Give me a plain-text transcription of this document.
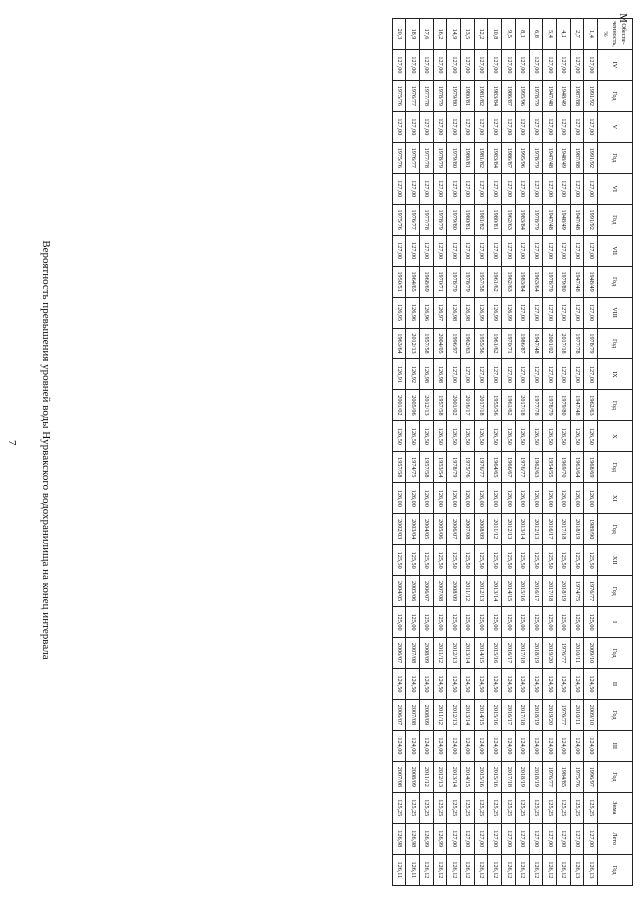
7
M
Вероятность превышения уровней воды Нурвакского водохранилища на конец интервала
Обеспе-ченность, %	IV	Год	V	Год	VI	Год	VII	Год	VIII	Год	IX	Год	X	Год	XI	Год	XII	Год	I	Год	II	Год	III	Год	Зима	Лето	Год
1,4	127,00	1991/92	127,00	1991/92	127,00	1991/92	127,00	1948/49	127,00	1978/79	127,00	1962/63	126,50	1968/69	126,00	1989/90	125,50	1976/77	125,00	2009/10	124,50	2009/10	124,00	1996/97	125,25	127,00	126,13
2,7	127,00	1987/88	127,00	1987/88	127,00	1947/48	127,00	1947/48	127,00	1977/78	127,00	1947/48	126,50	1963/64	126,00	2018/19	125,50	1974/75	125,00	2010/11	124,50	2010/11	124,00	1975/76	125,25	127,00	126,13
4,1	127,00	1948/49	127,00	1948/49	127,00	1948/49	127,00	1979/80	127,00	2017/18	127,00	1979/80	126,50	1969/70	126,00	2017/18	125,50	2018/19	125,00	1976/77	124,50	1976/77	124,00	1984/85	125,25	127,00	126,12
5,4	127,00	1947/48	127,00	1947/48	127,00	1947/48	127,00	1978/79	127,00	2001/02	127,00	1978/79	126,50	1954/55	126,00	2016/17	125,50	2017/18	125,00	2019/20	124,50	2019/20	124,00	1976/77	125,25	127,00	126,12
6,8	127,00	1978/79	127,00	1978/79	127,00	1978/79	127,00	1963/64	127,00	1947/48	127,00	1977/78	126,50	1962/63	126,00	2012/13	125,50	2016/17	125,00	2018/19	124,50	2018/19	124,00	2018/19	125,25	127,00	126,12
8,1	127,00	1995/96	127,00	1995/96	127,00	1983/84	127,00	1983/84	127,00	1986/87	127,00	2017/18	126,50	1976/77	126,00	2013/14	125,50	2015/16	125,00	2017/18	124,50	2017/18	124,00	2018/19	125,25	127,00	126,12
9,5	127,00	1986/87	127,00	1986/87	127,00	1962/63	127,00	1962/63	126,99	1970/71	127,00	1961/62	126,50	1966/67	126,00	2012/13	125,50	2014/15	125,00	2016/17	124,50	2016/17	124,00	2017/18	125,25	127,00	126,12
10,8	127,00	1983/84	127,00	1983/84	127,00	1980/81	127,00	1961/62	126,99	1961/62	127,00	1955/56	126,50	1964/65	126,00	2011/12	125,50	2013/14	125,00	2015/16	124,50	2015/16	124,00	2015/16	125,25	127,00	126,12
12,2	127,00	1981/82	127,00	1981/82	127,00	1981/82	127,00	1957/58	126,99	1955/56	127,00	2017/18	126,50	1976/77	126,00	2008/09	125,50	2012/13	125,00	2014/15	124,50	2014/15	124,00	2015/16	125,25	127,00	126,12
13,5	127,00	1980/81	127,00	1980/81	127,00	1980/81	127,00	1978/79	126,98	1962/63	127,00	2016/17	126,50	1975/76	126,00	2007/08	125,50	2011/12	125,00	2013/14	124,50	2013/14	124,00	2014/15	125,25	127,00	126,12
14,9	127,00	1979/80	127,00	1979/80	127,00	1979/80	127,00	1978/79	126,98	1996/97	127,00	2001/02	126,50	1978/79	126,00	2006/07	125,50	2008/09	125,00	2012/13	124,50	2012/13	124,00	2013/14	125,25	127,00	126,12
16,2	127,00	1978/79	127,00	1978/79	127,00	1978/79	127,00	1970/71	126,97	2004/05	126,98	1957/58	126,50	1953/54	126,00	2005/06	125,50	2007/08	125,00	2011/12	124,50	2011/12	124,00	2012/13	125,25	126,99	126,12
17,6	127,00	1977/78	127,00	1977/78	127,00	1977/78	127,00	1968/69	126,96	1957/58	126,98	2012/13	126,50	1957/58	126,00	2004/05	125,50	2006/07	125,00	2008/09	124,50	2008/09	124,00	2011/12	125,25	126,99	126,12
18,9	127,00	1976/77	127,00	1976/77	127,00	1976/77	127,00	1964/65	126,96	2012/13	126,92	2005/06	126,50	1974/75	126,00	2003/04	125,50	2005/06	125,00	2007/08	124,50	2007/08	124,00	2008/09	125,25	126,98	126,11
20,3	127,00	1975/76	127,00	1975/76	127,00	1975/76	127,00	1950/51	126,95	1963/64	126,91	2001/02	126,50	1957/58	126,00	2002/03	125,50	2004/05	125,00	2006/07	124,50	2006/07	124,00	2007/08	125,25	126,98	126,11
